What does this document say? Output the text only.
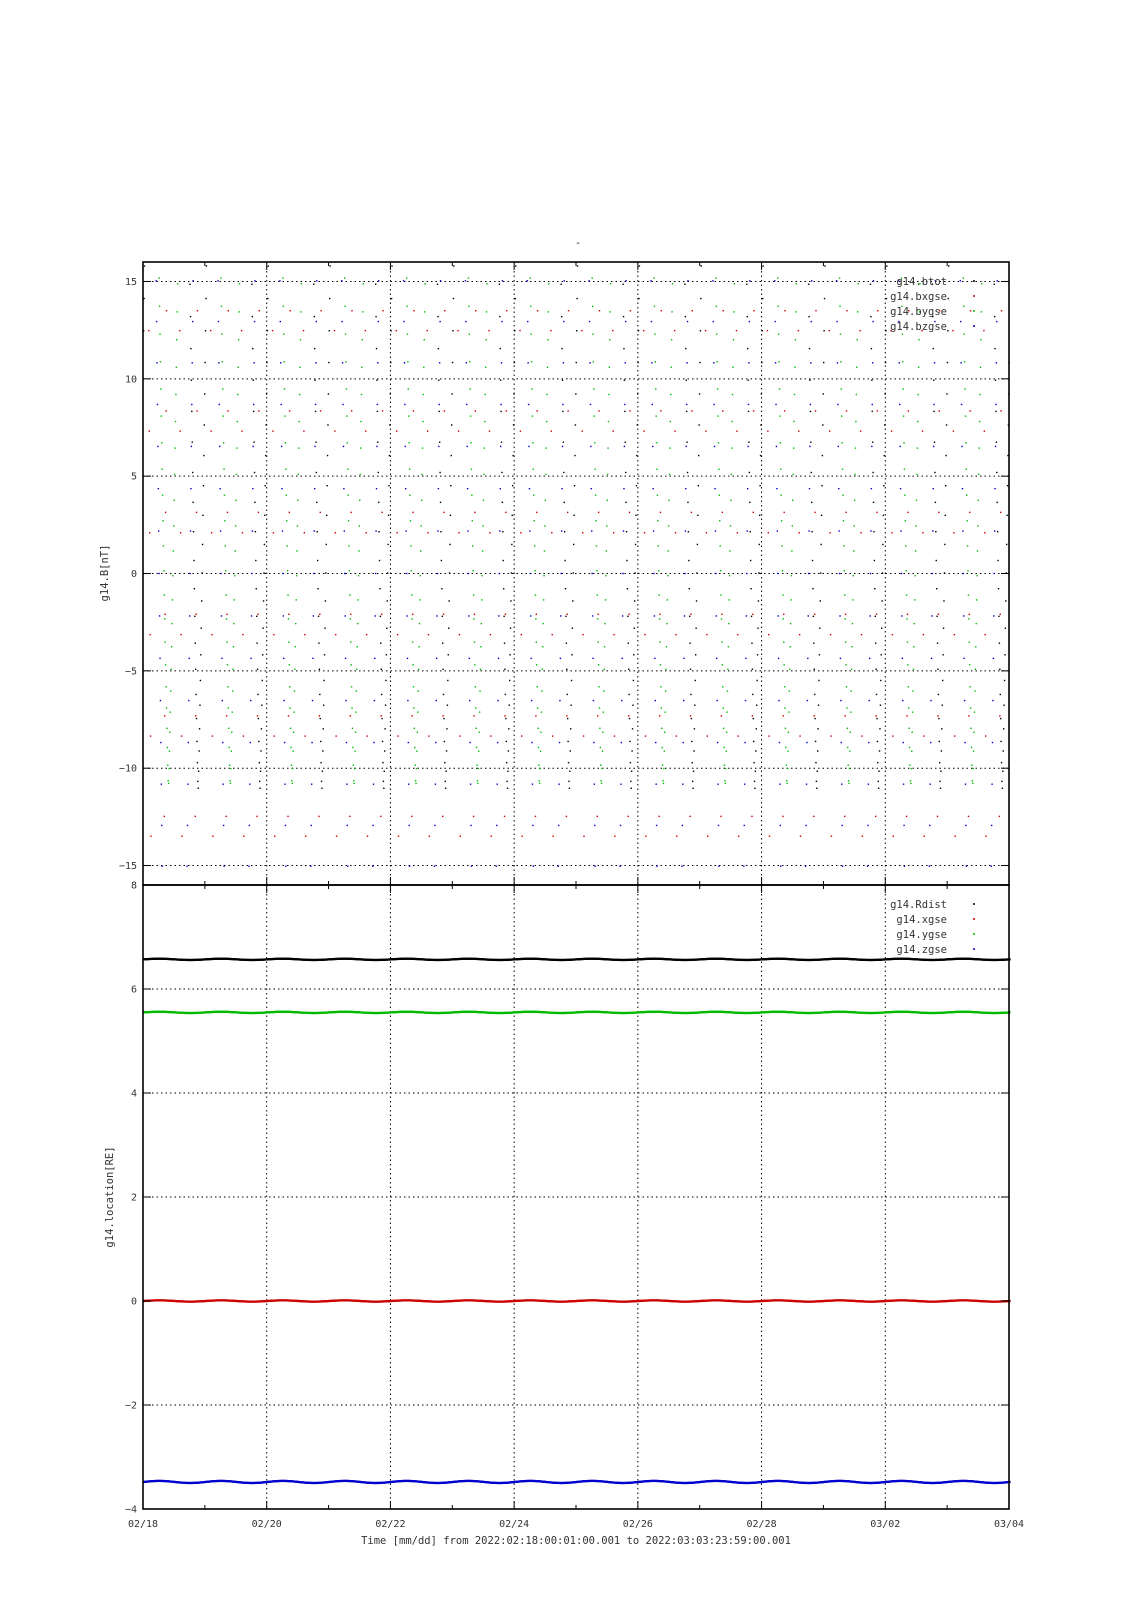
-
−15
−10
−5
0
5
10
15
g14.B[nT]
g14.btot
g14.bxgse
g14.bygse
g14.bzgse
−4
−2
0
2
4
6
8
g14.location[RE]
g14.Rdist
g14.xgse
g14.ygse
g14.zgse
02/18	02/20	02/22	02/24	02/26	02/28	03/02	03/04
Time [mm/dd] from 2022:02:18:00:01:00.001 to 2022:03:03:23:59:00.001
